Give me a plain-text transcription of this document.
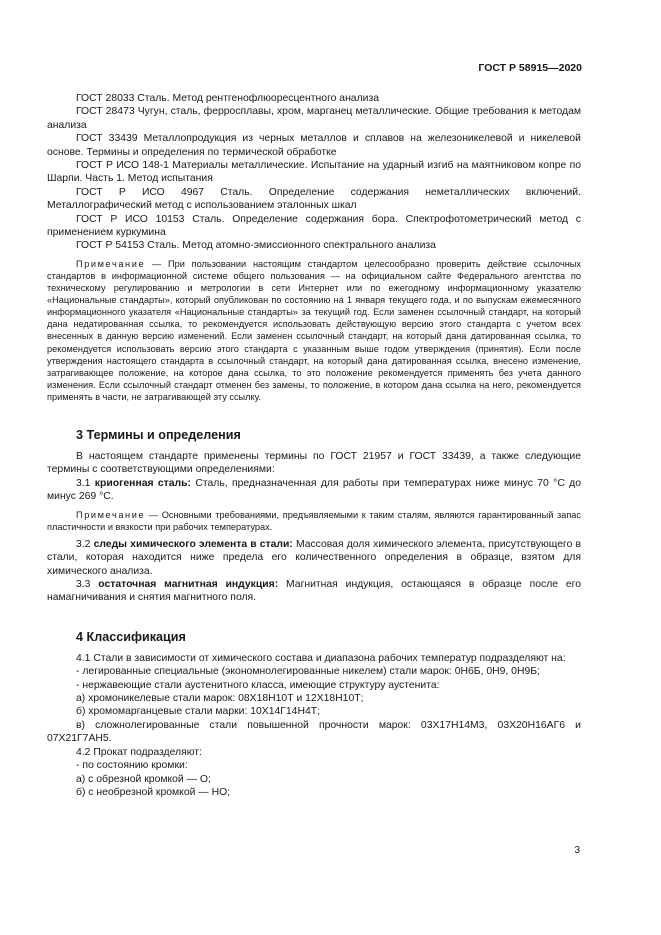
ГОСТ Р 58915—2020

ГОСТ 28033 Сталь. Метод рентгенофлюоресцентного анализа

ГОСТ 28473 Чугун, сталь, ферросплавы, хром, марганец металлические. Общие требования к методам анализа

ГОСТ 33439 Металлопродукция из черных металлов и сплавов на железоникелевой и никелевой основе. Термины и определения по термической обработке

ГОСТ Р ИСО 148-1 Материалы металлические. Испытание на ударный изгиб на маятниковом копре по Шарпи. Часть 1. Метод испытания

ГОСТ Р ИСО 4967 Сталь. Определение содержания неметаллических включений. Металлографический метод с использованием эталонных шкал

ГОСТ Р ИСО 10153 Сталь. Определение содержания бора. Спектрофотометрический метод с применением куркумина

ГОСТ Р 54153 Сталь. Метод атомно-эмиссионного спектрального анализа

Примечание — При пользовании настоящим стандартом целесообразно проверить действие ссылочных стандартов в информационной системе общего пользования — на официальном сайте Федерального агентства по техническому регулированию и метрологии в сети Интернет или по ежегодному информационному указателю «Национальные стандарты», который опубликован по состоянию на 1 января текущего года, и по выпускам ежемесячного информационного указателя «Национальные стандарты» за текущий год. Если заменен ссылочный стандарт, на который дана недатированная ссылка, то рекомендуется использовать действующую версию этого стандарта с учетом всех внесенных в данную версию изменений. Если заменен ссылочный стандарт, на который дана датированная ссылка, то рекомендуется использовать версию этого стандарта с указанным выше годом утверждения (принятия). Если после утверждения настоящего стандарта в ссылочный стандарт, на который дана датированная ссылка, внесено изменение, затрагивающее положение, на которое дана ссылка, то это положение рекомендуется применять без учета данного изменения. Если ссылочный стандарт отменен без замены, то положение, в котором дана ссылка на него, рекомендуется применять в части, не затрагивающей эту ссылку.

3 Термины и определения

В настоящем стандарте применены термины по ГОСТ 21957 и ГОСТ 33439, а также следующие термины с соответствующими определениями:

3.1 криогенная сталь: Сталь, предназначенная для работы при температурах ниже минус 70 °С до минус 269 °С.

Примечание — Основными требованиями, предъявляемыми к таким сталям, являются гарантированный запас пластичности и вязкости при рабочих температурах.

3.2 следы химического элемента в стали: Массовая доля химического элемента, присутствующего в стали, которая находится ниже предела его количественного определения в образце, взятом для химического анализа.

3.3 остаточная магнитная индукция: Магнитная индукция, остающаяся в образце после его намагничивания и снятия магнитного поля.

4 Классификация

4.1 Стали в зависимости от химического состава и диапазона рабочих температур подразделяют на:

- легированные специальные (экономнолегированные никелем) стали марок: 0Н6Б, 0Н9, 0Н9Б;

- нержавеющие стали аустенитного класса, имеющие структуру аустенита:

а) хромоникелевые стали марок: 08Х18Н10Т и 12Х18Н10Т;

б) хромомарганцевые стали марки: 10Х14Г14Н4Т;

в) сложнолегированные стали повышенной прочности марок: 03Х17Н14М3, 03Х20Н16АГ6 и 07Х21Г7АН5.

4.2 Прокат подразделяют:

- по состоянию кромки:

а) с обрезной кромкой — О;

б) с необрезной кромкой — НО;

3
